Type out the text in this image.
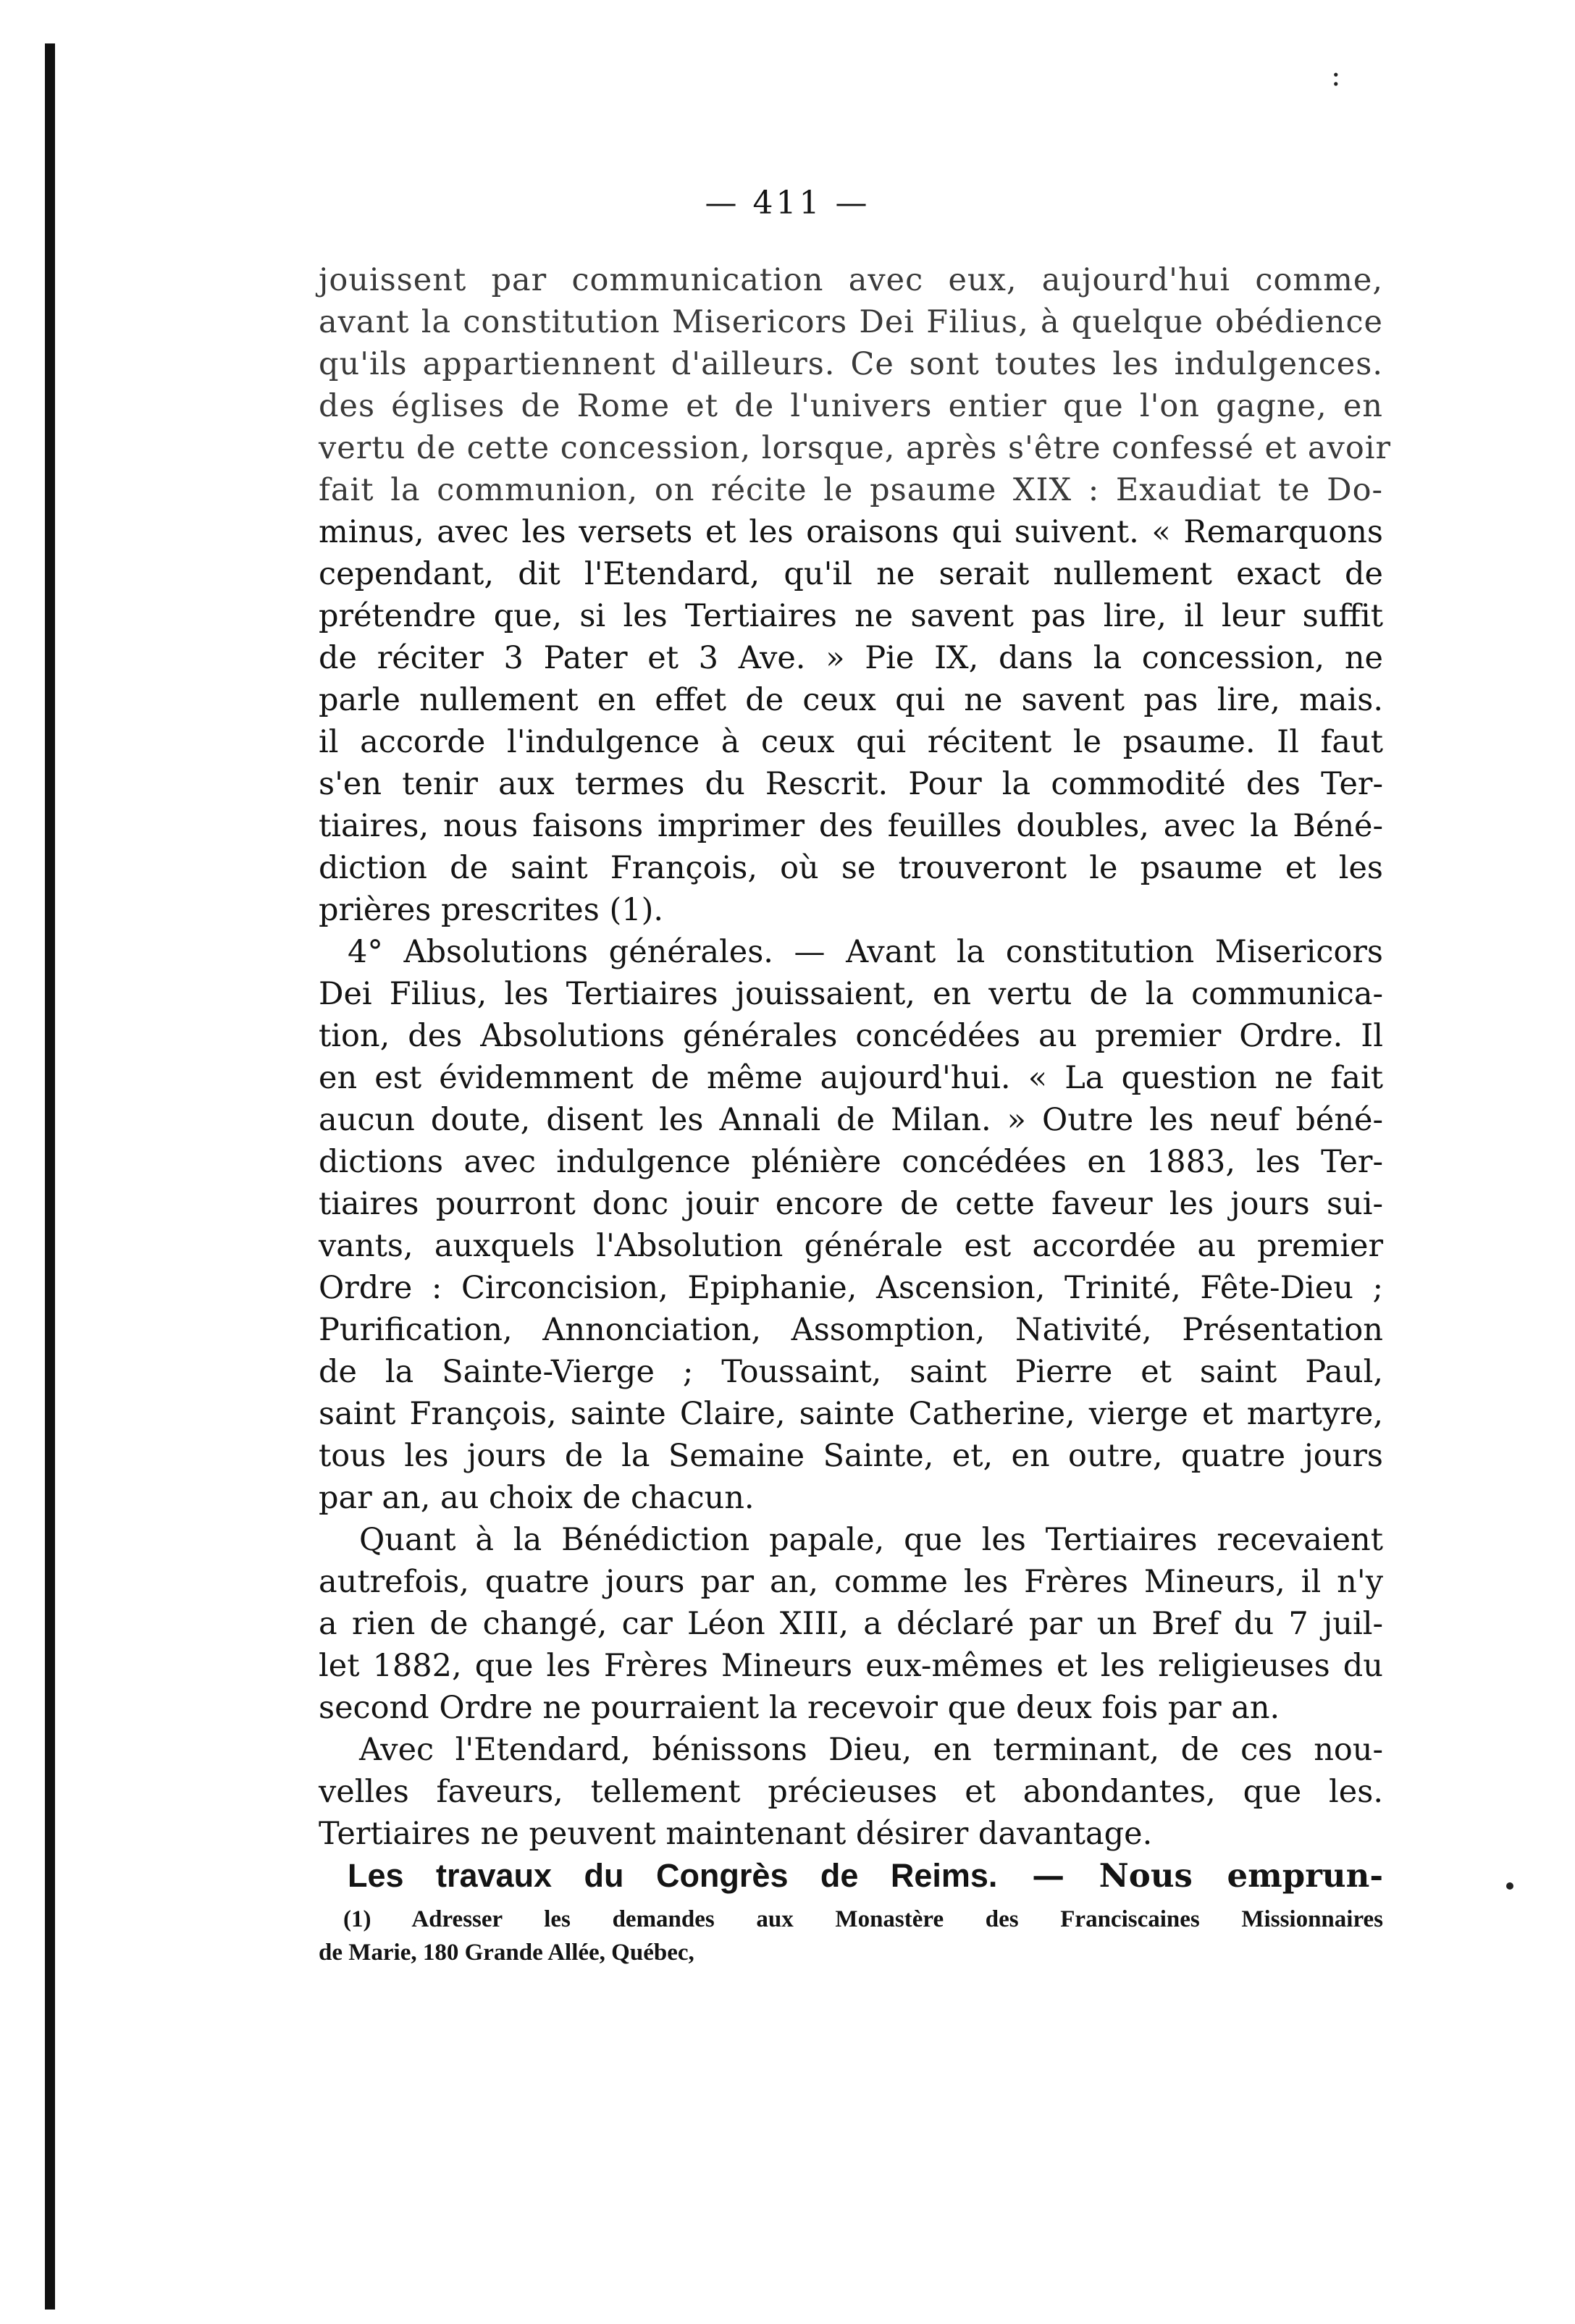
:

— 411 —

jouissent par communication avec eux, aujourd'hui comme,

avant la constitution Misericors Dei Filius, à quelque obédience

qu'ils appartiennent d'ailleurs. Ce sont toutes les indulgences.

des églises de Rome et de l'univers entier que l'on gagne, en

vertu de cette concession, lorsque, après s'être confessé et avoir

fait la communion, on récite le psaume XIX : Exaudiat te Do-

minus, avec les versets et les oraisons qui suivent. « Remarquons

cependant, dit l'Etendard, qu'il ne serait nullement exact de

prétendre que, si les Tertiaires ne savent pas lire, il leur suffit

de réciter 3 Pater et 3 Ave. » Pie IX, dans la concession, ne

parle nullement en effet de ceux qui ne savent pas lire, mais.

il accorde l'indulgence à ceux qui récitent le psaume. Il faut

s'en tenir aux termes du Rescrit. Pour la commodité des Ter-

tiaires, nous faisons imprimer des feuilles doubles, avec la Béné-

diction de saint François, où se trouveront le psaume et les

prières prescrites (1).

4° Absolutions générales. — Avant la constitution Misericors

Dei Filius, les Tertiaires jouissaient, en vertu de la communica-

tion, des Absolutions générales concédées au premier Ordre. Il

en est évidemment de même aujourd'hui. « La question ne fait

aucun doute, disent les Annali de Milan. » Outre les neuf béné-

dictions avec indulgence plénière concédées en 1883, les Ter-

tiaires pourront donc jouir encore de cette faveur les jours sui-

vants, auxquels l'Absolution générale est accordée au premier

Ordre : Circoncision, Epiphanie, Ascension, Trinité, Fête-Dieu ;

Purification, Annonciation, Assomption, Nativité, Présentation

de la Sainte-Vierge ; Toussaint, saint Pierre et saint Paul,

saint François, sainte Claire, sainte Catherine, vierge et martyre,

tous les jours de la Semaine Sainte, et, en outre, quatre jours

par an, au choix de chacun.

Quant à la Bénédiction papale, que les Tertiaires recevaient

autrefois, quatre jours par an, comme les Frères Mineurs, il n'y

a rien de changé, car Léon XIII, a déclaré par un Bref du 7 juil-

let 1882, que les Frères Mineurs eux-mêmes et les religieuses du

second Ordre ne pourraient la recevoir que deux fois par an.

Avec l'Etendard, bénissons Dieu, en terminant, de ces nou-

velles faveurs, tellement précieuses et abondantes, que les.

Tertiaires ne peuvent maintenant désirer davantage.

Les travaux du Congrès de Reims. — Nous emprun-

(1) Adresser les demandes aux Monastère des Franciscaines Missionnaires

de Marie, 180 Grande Allée, Québec,
